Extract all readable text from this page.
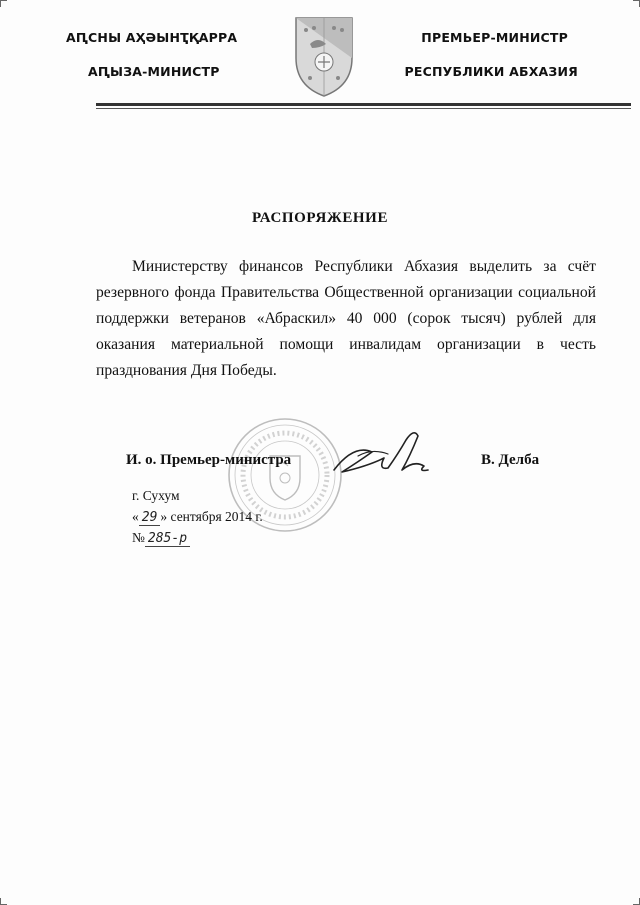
АԤСНЫ АҲӘЫНҬҚАРРА
АԤЫЗА-МИНИСТР
ПРЕМЬЕР-МИНИСТР
РЕСПУБЛИКИ АБХАЗИЯ
РАСПОРЯЖЕНИЕ

Министерству финансов Республики Абхазия выделить за счёт резервного фонда Правительства Общественной организации социальной поддержки ветеранов «Абраскил» 40 000 (сорок тысяч) рублей для оказания материальной помощи инвалидам организации в честь празднования Дня Победы.

И. о. Премьер-министра	В. Делба
г. Сухум
« 29 » сентября 2014 г.
№ 285-р
